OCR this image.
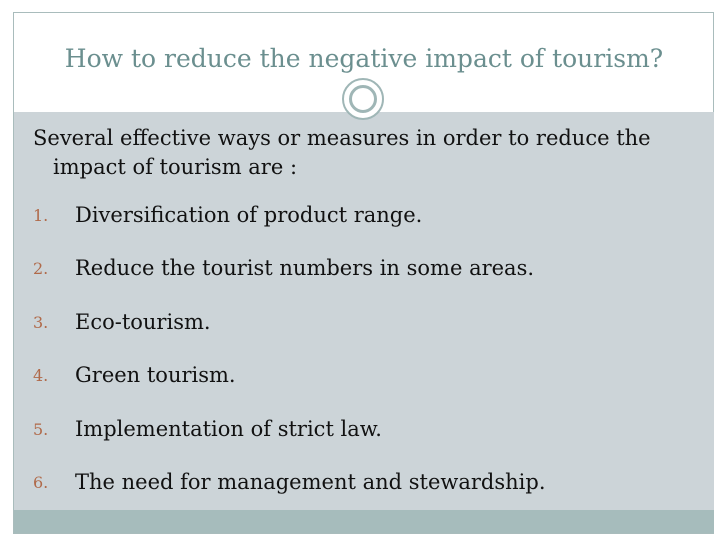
How to reduce the negative impact of tourism?
Several effective ways or measures in order to reduce the impact of tourism are :
1. Diversification of product range.
2. Reduce the tourist numbers in some areas.
3. Eco-tourism.
4. Green tourism.
5. Implementation of strict law.
6. The need for management and stewardship.
